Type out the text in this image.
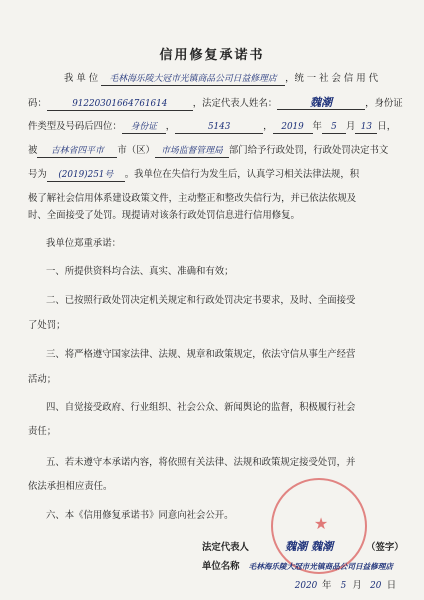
信用修复承诺书
我 单 位 毛林海乐陵大冠市光镇商品公司日益修理店 ，统 一 社 会 信 用 代
码：	91220301664761614	，法定代表人姓名：	魏潮	，身份证
件类型及号码后四位： 身份证 ，	5143	， 2019 年 5 月 13 日，
被 吉林省四平市 市（区） 市场监督管理局 部门给予行政处罚，行政处罚决定书文
号为 (2019)251号 。我单位在失信行为发生后，认真学习相关法律法规，积
极了解社会信用体系建设政策文件，主动整正和整改失信行为，并已依法依规及
时、全面接受了处罚。现提请对该条行政处罚信息进行信用修复。
我单位郑重承诺：
一、所提供资料均合法、真实、准确和有效；
二、已按照行政处罚决定机关规定和行政处罚决定书要求，及时、全面接受
了处罚；
三、将严格遵守国家法律、法规、规章和政策规定，依法守信从事生产经营
活动；
四、自觉接受政府、行业组织、社会公众、新闻舆论的监督，积极履行社会
责任；
五、若未遵守本承诺内容，将依照有关法律、法规和政策规定接受处罚，并
依法承担相应责任。
六、本《信用修复承诺书》同意向社会公开。	★
法定代表人	魏潮 魏潮	（签字）
单位名称 毛林海乐陵大冠市光镇商品公司日益修理店
2020 年 5 月 20 日
